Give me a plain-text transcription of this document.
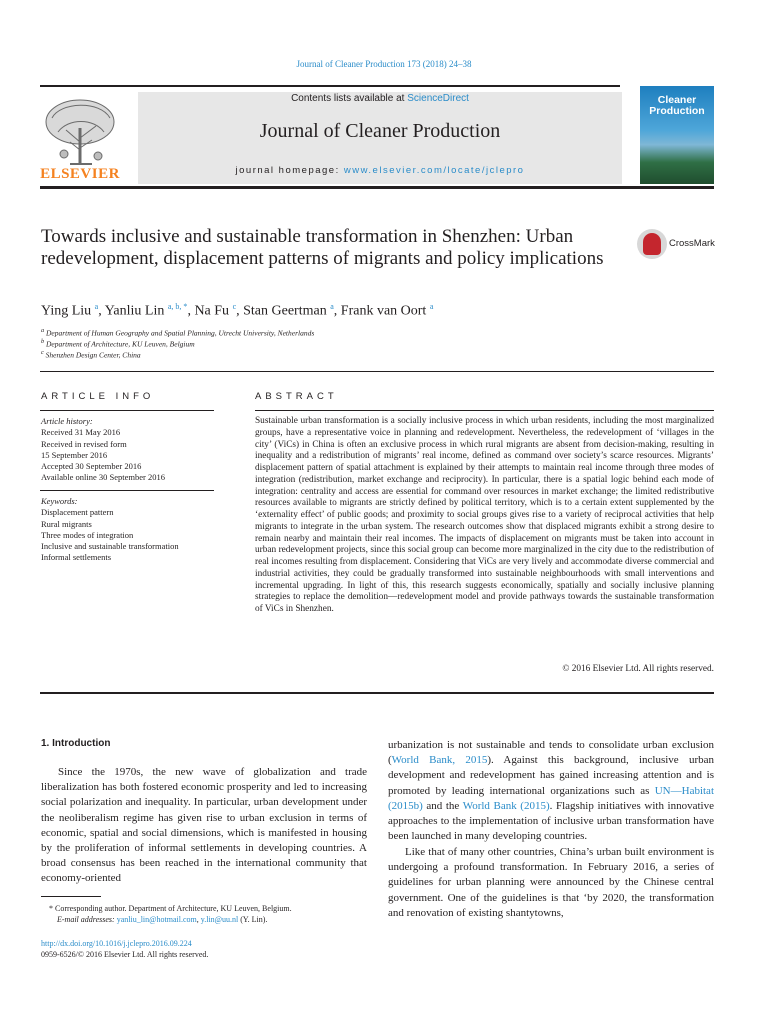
Journal of Cleaner Production 173 (2018) 24–38
ELSEVIER
Contents lists available at ScienceDirect
Journal of Cleaner Production
journal homepage: www.elsevier.com/locate/jclepro
Cleaner
Production
Towards inclusive and sustainable transformation in Shenzhen: Urban redevelopment, displacement patterns of migrants and policy implications
CrossMark
Ying Liu $^a$, Yanliu Lin $^{a, b, *}$, Na Fu $^c$, Stan Geertman $^a$, Frank van Oort $^a$
$^a$ Department of Human Geography and Spatial Planning, Utrecht University, Netherlands
$^b$ Department of Architecture, KU Leuven, Belgium
$^c$ Shenzhen Design Center, China
ARTICLE INFO
Article history:
Received 31 May 2016
Received in revised form
15 September 2016
Accepted 30 September 2016
Available online 30 September 2016
Keywords:
Displacement pattern
Rural migrants
Three modes of integration
Inclusive and sustainable transformation
Informal settlements
ABSTRACT
Sustainable urban transformation is a socially inclusive process in which urban residents, including the most marginalized groups, have a representative voice in planning and redevelopment. Nevertheless, the redevelopment of ‘villages in the city’ (ViCs) in China is often an exclusive process in which rural migrants are absent from decision-making, resulting in inequality and a redistribution of migrants’ real income, defined as command over society’s scarce resources. Migrants’ displacement pattern of spatial attachment is explained by their attempts to maintain real income through three modes of integration (redistribution, market exchange and reciprocity). In particular, there is a spatial logic behind each mode of integration: centrality and access are essential for command over resources in market exchange; the limited redistributive resources available to migrants are strictly defined by political territory, which is to a certain extent supplemented by the ‘externality effect’ of public goods; and proximity to social groups gives rise to a variety of reciprocal activities that help migrants to integrate in the urban system. The research outcomes show that displaced migrants exhibit a strong desire to remain nearby and maintain their real incomes. The impacts of displacement on migrants must be taken into account in urban redevelopment projects, since this social group can become more marginalized in the city due to the redistribution of real incomes resulting from displacement. Considering that ViCs are very lively and accommodate diverse commercial and industrial activities, they could be gradually transformed into sustainable neighbourhoods with small interventions and incremental upgrading. In light of this, this research suggests economically, spatially and socially inclusive planning strategies to replace the demolition—redevelopment model and provide pathways towards the sustainable transformation of ViCs in Shenzhen.
© 2016 Elsevier Ltd. All rights reserved.
1. Introduction
Since the 1970s, the new wave of globalization and trade liberalization has both fostered economic prosperity and led to increasing social polarization and inequality. In particular, urban development under the neoliberalism regime has given rise to urban exclusion in terms of economic, spatial and social dimensions, which is manifested in housing by the proliferation of informal settlements in developing countries. A broad consensus has been reached in the international community that economy-oriented
urbanization is not sustainable and tends to consolidate urban exclusion (World Bank, 2015). Against this background, inclusive urban development and redevelopment has gained increasing attention and is promoted by leading international organizations such as UN—Habitat (2015b) and the World Bank (2015). Flagship initiatives with innovative approaches to the implementation of inclusive urban transformation have been launched in many developing countries.
Like that of many other countries, China’s urban built environment is undergoing a profound transformation. In February 2016, a series of guidelines for urban planning were announced by the Chinese central government. One of the guidelines is that ‘by 2020, the transformation and renovation of existing shantytowns,
* Corresponding author. Department of Architecture, KU Leuven, Belgium.
E-mail addresses: yanliu_lin@hotmail.com, y.lin@uu.nl (Y. Lin).
http://dx.doi.org/10.1016/j.jclepro.2016.09.224
0959-6526/© 2016 Elsevier Ltd. All rights reserved.
